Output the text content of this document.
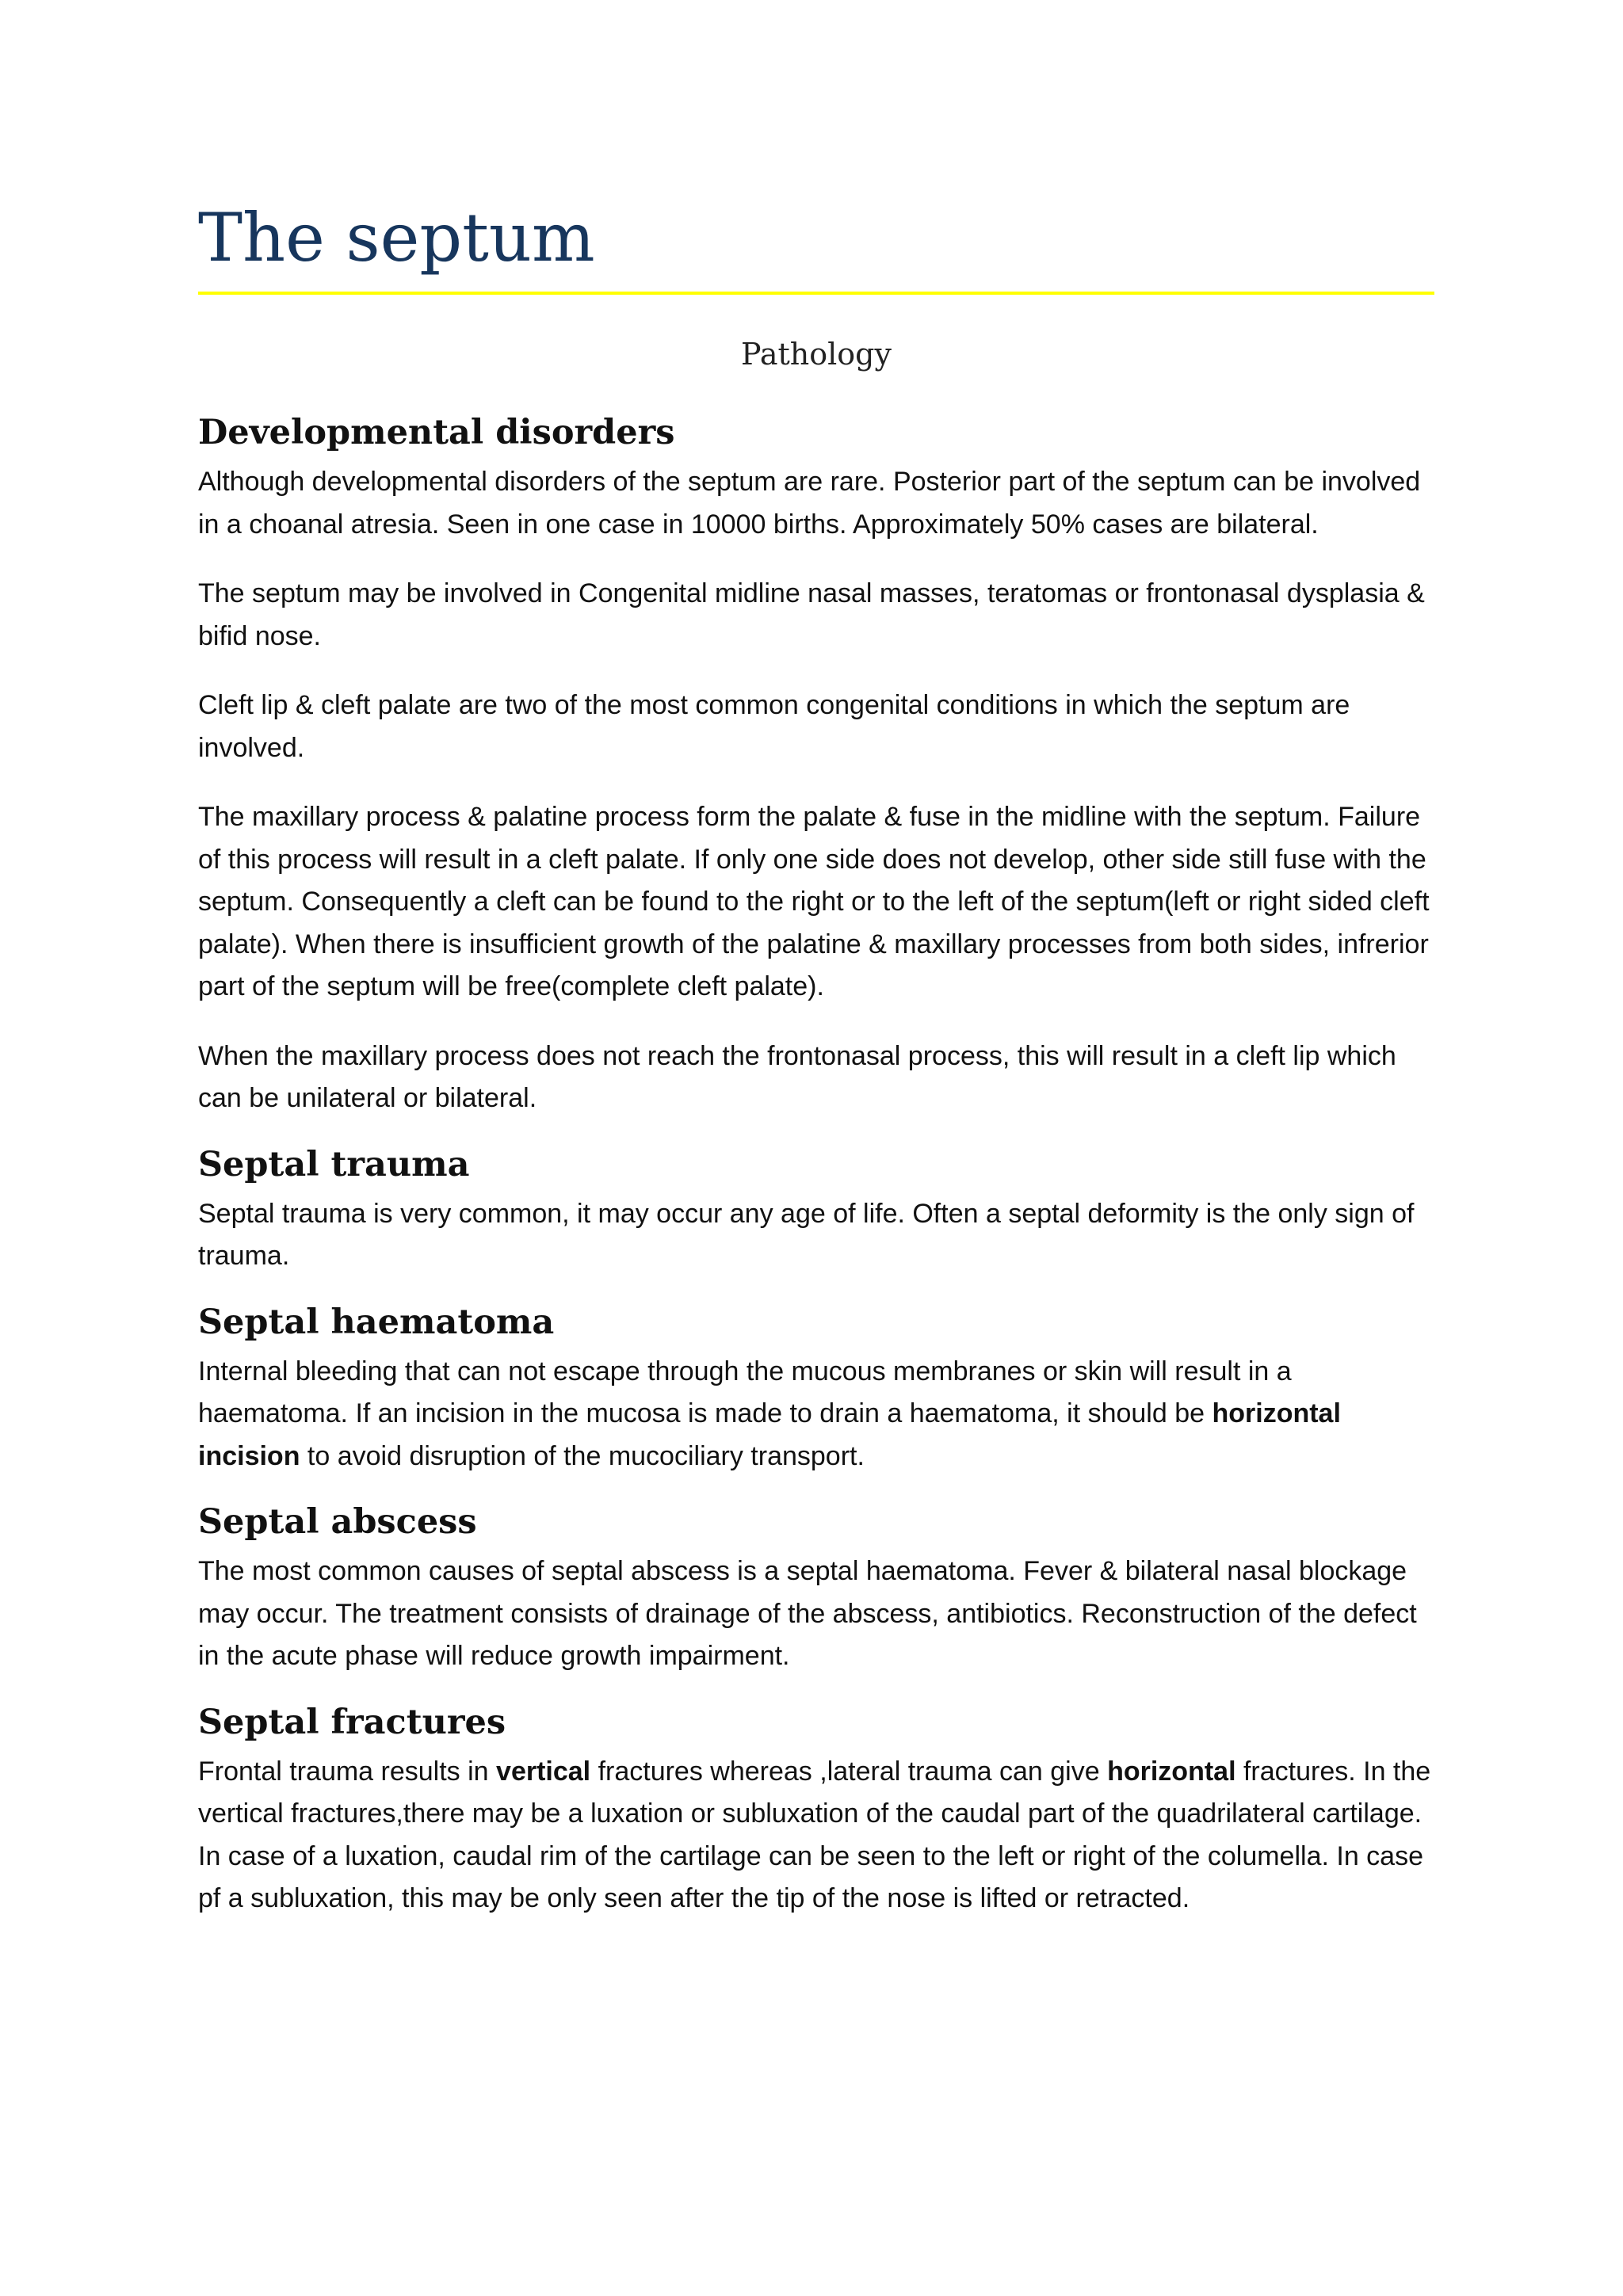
The septum
Pathology
Developmental disorders

Although developmental disorders of the septum are rare. Posterior part of the septum can be involved in a choanal atresia. Seen in one case in 10000 births. Approximately 50% cases are bilateral.

The septum may be involved in Congenital midline nasal masses, teratomas or frontonasal dysplasia & bifid nose.

Cleft lip & cleft palate are two of the most common congenital conditions in which the septum are involved.

The maxillary process & palatine process form the palate & fuse in the midline with the septum. Failure of this process will result in a cleft palate. If only one side does not develop, other side still fuse with the septum. Consequently a cleft can be found to the right or to the left of the septum(left or right sided cleft palate). When there is insufficient growth of the palatine & maxillary processes from both sides, infrerior part of the septum will be free(complete cleft palate).

When the maxillary process does not reach the frontonasal process, this will result in a cleft lip which can be unilateral or bilateral.

Septal trauma

Septal trauma is very common, it may occur any age of life. Often a septal deformity is the only sign of trauma.

Septal haematoma

Internal bleeding that can not escape through the mucous membranes or skin will result in a haematoma. If an incision in the mucosa is made to drain a haematoma, it should be horizontal incision to avoid disruption of the mucociliary transport.

Septal abscess

The most common causes of septal abscess is a septal haematoma. Fever & bilateral nasal blockage may occur. The treatment consists of drainage of the abscess, antibiotics. Reconstruction of the defect in the acute phase will reduce growth impairment.

Septal fractures

Frontal trauma results in vertical fractures whereas ,lateral trauma can give horizontal fractures. In the vertical fractures,there may be a luxation or subluxation of the caudal part of the quadrilateral cartilage. In case of a luxation, caudal rim of the cartilage can be seen to the left or right of the columella. In case pf a subluxation, this may be only seen after the tip of the nose is lifted or retracted.
